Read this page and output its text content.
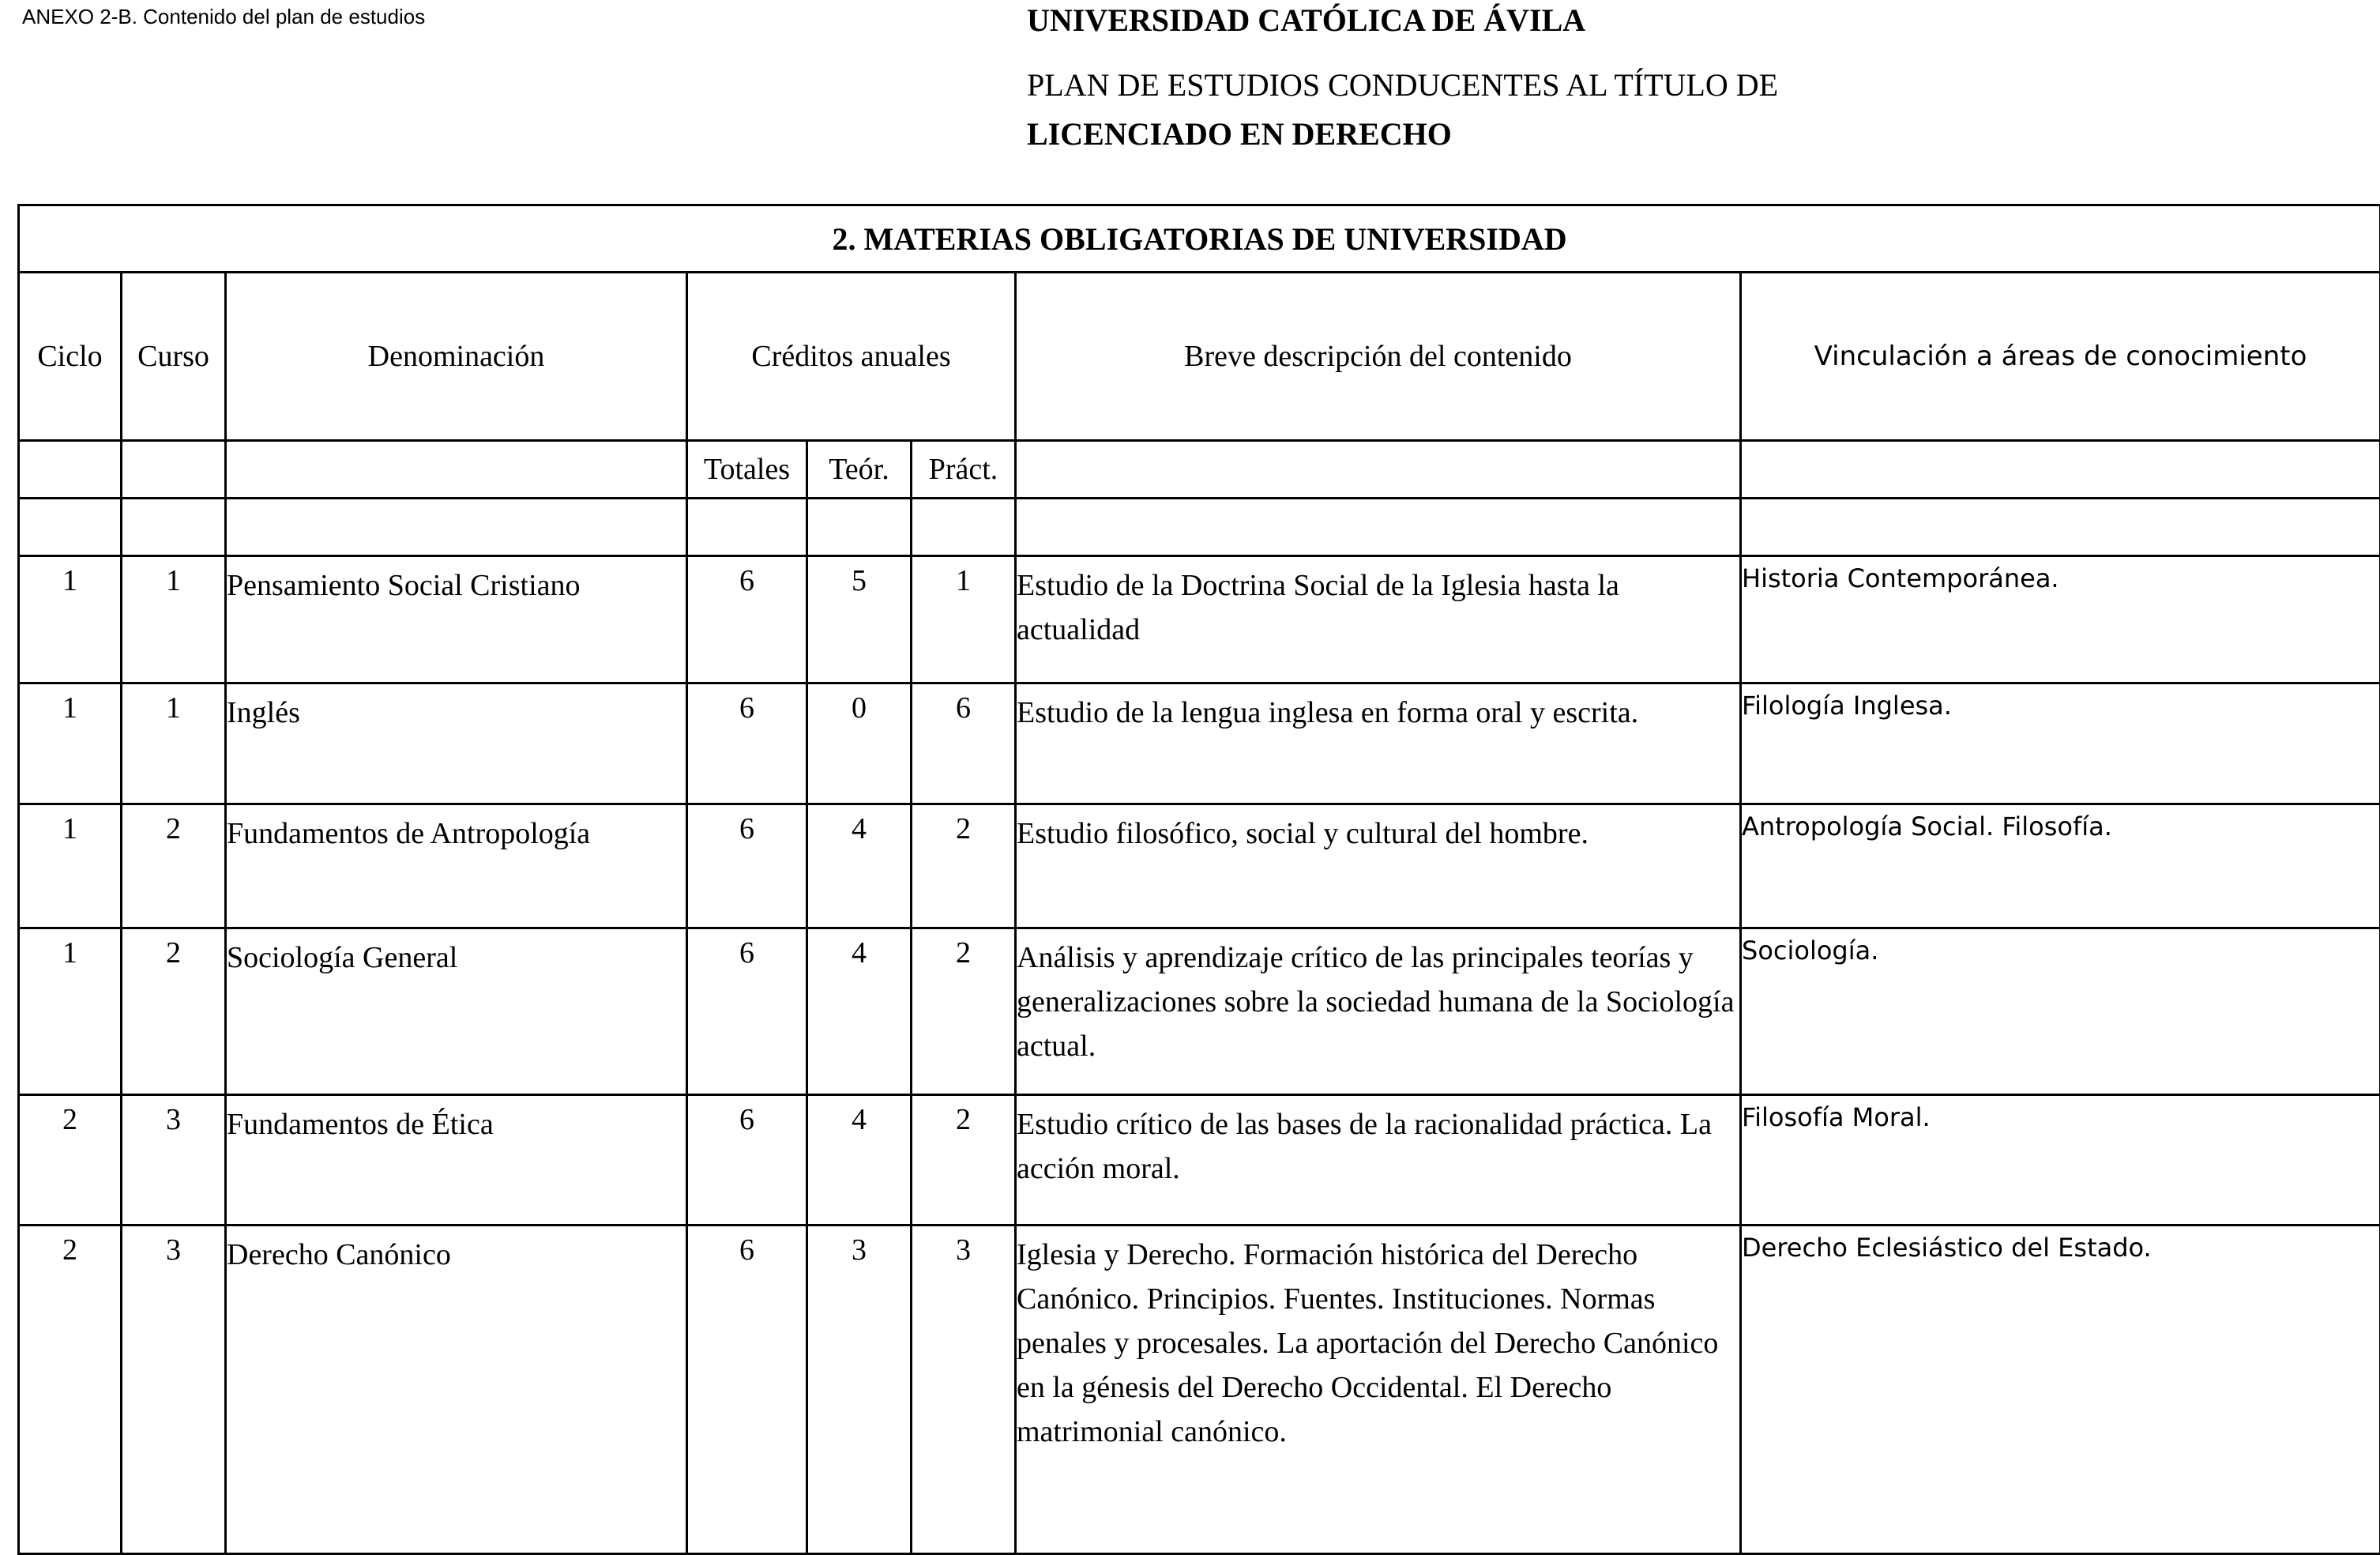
ANEXO 2-B. Contenido del plan de estudios	UNIVERSIDAD CATÓLICA DE ÁVILA
PLAN DE ESTUDIOS CONDUCENTES AL TÍTULO DE
LICENCIADO EN DERECHO
2. MATERIAS OBLIGATORIAS DE UNIVERSIDAD							
Ciclo	Curso	Denominación	Créditos anuales			Breve descripción del contenido	Vinculación a áreas de conocimiento
			Totales	Teór.	Práct.		

1	1	Pensamiento Social Cristiano	6	5	1	Estudio de la Doctrina Social de la Iglesia hasta la actualidad	Historia Contemporánea.
1	1	Inglés	6	0	6	Estudio de la lengua inglesa en forma oral y escrita.	Filología Inglesa.
1	2	Fundamentos de Antropología	6	4	2	Estudio filosófico, social y cultural del hombre.	Antropología Social. Filosofía.
1	2	Sociología General	6	4	2	Análisis y aprendizaje crítico de las principales teorías y generalizaciones sobre la sociedad humana de la Sociología actual.	Sociología.
2	3	Fundamentos de Ética	6	4	2	Estudio crítico de las bases de la racionalidad práctica. La acción moral.	Filosofía Moral.
2	3	Derecho Canónico	6	3	3	Iglesia y Derecho. Formación histórica del Derecho Canónico. Principios. Fuentes. Instituciones. Normas penales y procesales. La aportación del Derecho Canónico en la génesis del Derecho Occidental. El Derecho matrimonial canónico.	Derecho Eclesiástico del Estado.
